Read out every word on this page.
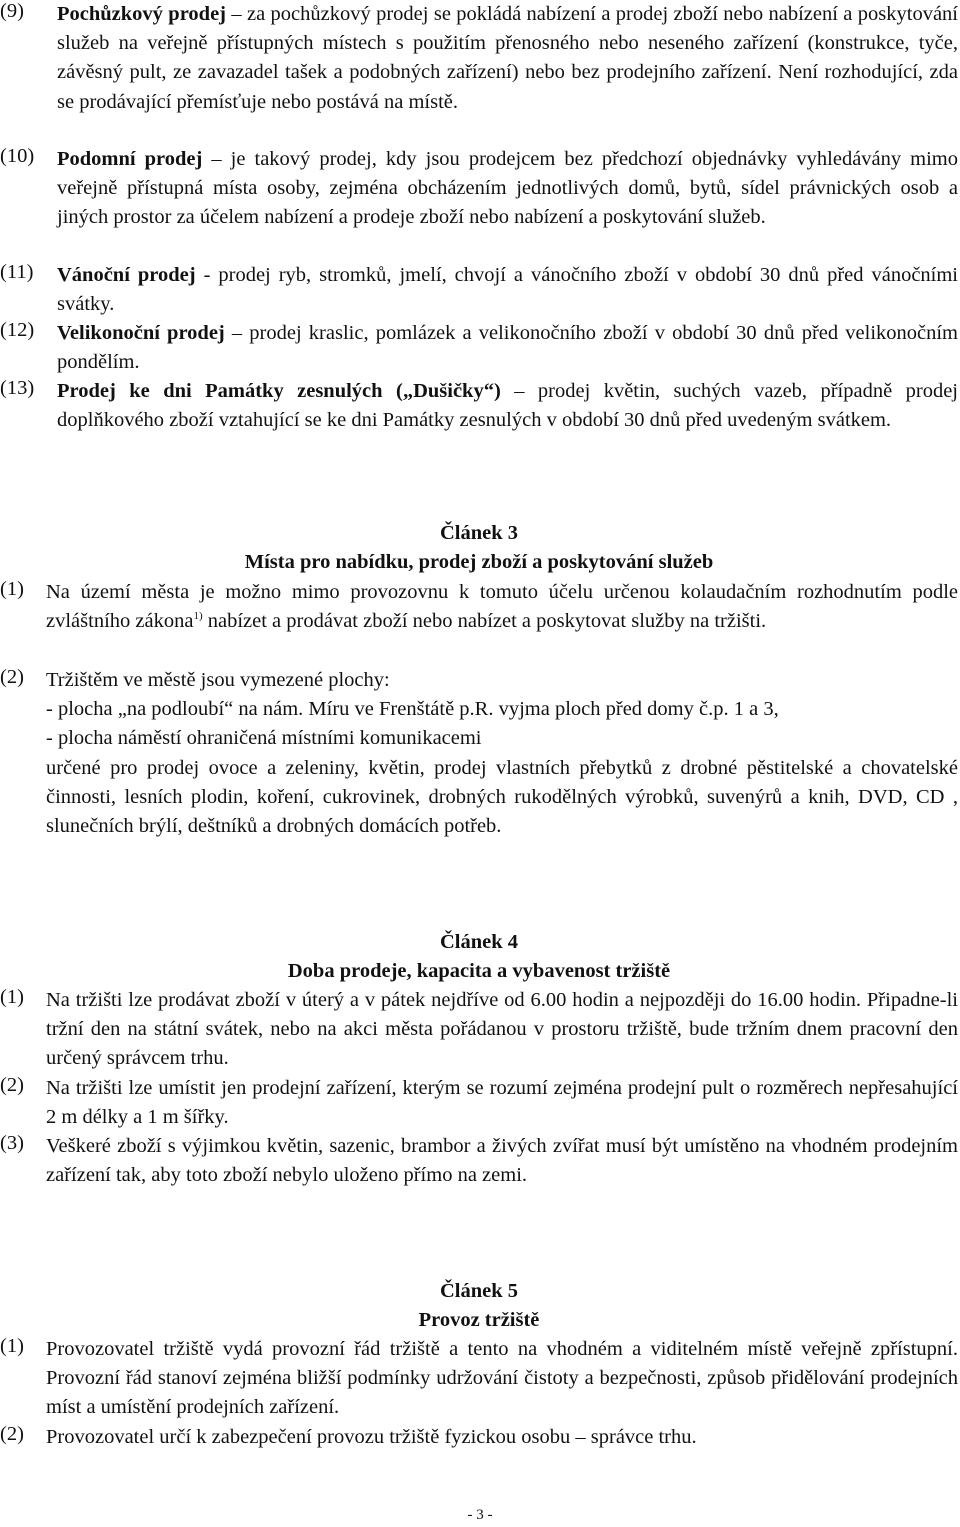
(9) Pochůzkový prodej – za pochůzkový prodej se pokládá nabízení a prodej zboží nebo nabízení a poskytování služeb na veřejně přístupných místech s použitím přenosného nebo neseného zařízení (konstrukce, tyče, závěsný pult, ze zavazadel tašek a podobných zařízení) nebo bez prodejního zařízení. Není rozhodující, zda se prodávající přemísťuje nebo postává na místě.
(10) Podomní prodej – je takový prodej, kdy jsou prodejcem bez předchozí objednávky vyhledávány mimo veřejně přístupná místa osoby, zejména obcházením jednotlivých domů, bytů, sídel právnických osob a jiných prostor za účelem nabízení a prodeje zboží nebo nabízení a poskytování služeb.
(11) Vánoční prodej - prodej ryb, stromků, jmelí, chvojí a vánočního zboží v období 30 dnů před vánočními svátky.
(12) Velikonoční prodej – prodej kraslic, pomlázek a velikonočního zboží v období 30 dnů před velikonočním pondělím.
(13) Prodej ke dni Památky zesnulých („Dušičky“) – prodej květin, suchých vazeb, případně prodej doplňkového zboží vztahující se ke dni Památky zesnulých v období 30 dnů před uvedeným svátkem.
Článek 3
Místa pro nabídku, prodej zboží a poskytování služeb
(1) Na území města je možno mimo provozovnu k tomuto účelu určenou kolaudačním rozhodnutím podle zvláštního zákona$^{1)}$ nabízet a prodávat zboží nebo nabízet a poskytovat služby na tržišti.
(2) Tržištěm ve městě jsou vymezené plochy:
- plocha „na podloubí“ na nám. Míru ve Frenštátě p.R. vyjma ploch před domy č.p. 1 a 3,
- plocha náměstí ohraničená místními komunikacemi
určené pro prodej ovoce a zeleniny, květin, prodej vlastních přebytků z drobné pěstitelské a chovatelské činnosti, lesních plodin, koření, cukrovinek, drobných rukodělných výrobků, suvenýrů a knih, DVD, CD , slunečních brýlí, deštníků a drobných domácích potřeb.
Článek 4
Doba prodeje, kapacita a vybavenost tržiště
(1) Na tržišti lze prodávat zboží v úterý a v pátek nejdříve od 6.00 hodin a nejpozději do 16.00 hodin. Připadne-li tržní den na státní svátek, nebo na akci města pořádanou v prostoru tržiště, bude tržním dnem pracovní den určený správcem trhu.
(2) Na tržišti lze umístit jen prodejní zařízení, kterým se rozumí zejména prodejní pult o rozměrech nepřesahující 2 m délky a 1 m šířky.
(3) Veškeré zboží s výjimkou květin, sazenic, brambor a živých zvířat musí být umístěno na vhodném prodejním zařízení tak, aby toto zboží nebylo uloženo přímo na zemi.
Článek 5
Provoz tržiště
(1) Provozovatel tržiště vydá provozní řád tržiště a tento na vhodném a viditelném místě veřejně zpřístupní. Provozní řád stanoví zejména bližší podmínky udržování čistoty a bezpečnosti, způsob přidělování prodejních míst a umístění prodejních zařízení.
(2) Provozovatel určí k zabezpečení provozu tržiště fyzickou osobu – správce trhu.
- 3 -
